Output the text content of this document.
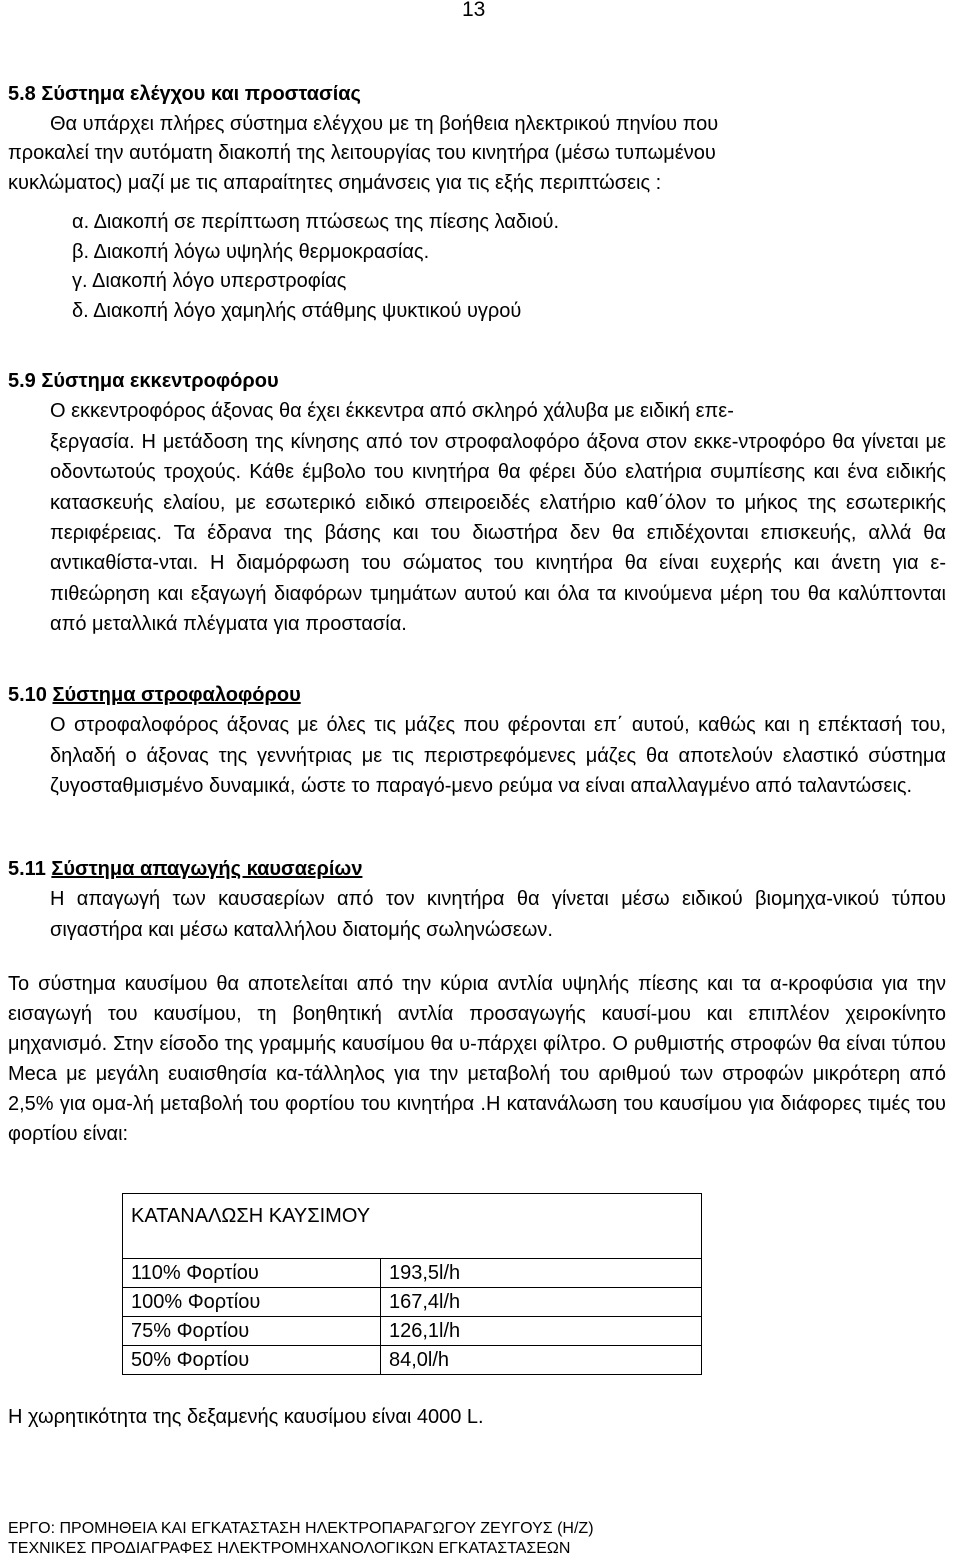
13
5.8 Σύστημα ελέγχου και προστασίας
Θα υπάρχει πλήρες σύστημα ελέγχου με τη βοήθεια ηλεκτρικού πηνίου που
προκαλεί την αυτόματη διακοπή της λειτουργίας του κινητήρα (μέσω τυπωμένου
κυκλώματος) μαζί με τις απαραίτητες σημάνσεις για τις εξής περιπτώσεις :
α. Διακοπή σε περίπτωση πτώσεως της πίεσης λαδιού.
β. Διακοπή λόγω υψηλής θερμοκρασίας.
γ. Διακοπή λόγο υπερστροφίας
δ. Διακοπή λόγο χαμηλής στάθμης ψυκτικού υγρού
5.9 Σύστημα εκκεντροφόρου
Ο εκκεντροφόρος άξονας θα έχει έκκεντρα από σκληρό χάλυβα με ειδική επε-
ξεργασία. Η μετάδοση της κίνησης από τον στροφαλοφόρο άξονα στον εκκε-ντροφόρο θα γίνεται με οδοντωτούς τροχούς. Κάθε έμβολο του κινητήρα θα φέρει δύο ελατήρια συμπίεσης και ένα ειδικής κατασκευής ελαίου, με εσωτερικό ειδικό σπειροειδές ελατήριο καθ΄όλον το μήκος της εσωτερικής περιφέρειας. Τα έδρανα της βάσης και του διωστήρα δεν θα επιδέχονται επισκευής, αλλά θα αντικαθίστα-νται. Η διαμόρφωση του σώματος του κινητήρα θα είναι ευχερής και άνετη για ε-πιθεώρηση και εξαγωγή διαφόρων τμημάτων αυτού και όλα τα κινούμενα μέρη του θα καλύπτονται από μεταλλικά πλέγματα για προστασία.
5.10 Σύστημα στροφαλοφόρου
Ο στροφαλοφόρος άξονας με όλες τις μάζες που φέρονται επ΄ αυτού, καθώς και η επέκτασή του, δηλαδή ο άξονας της γεννήτριας με τις περιστρεφόμενες μάζες θα αποτελούν ελαστικό σύστημα ζυγοσταθμισμένο δυναμικά, ώστε το παραγό-μενο ρεύμα να είναι απαλλαγμένο από ταλαντώσεις.
5.11 Σύστημα απαγωγής καυσαερίων
Η απαγωγή των καυσαερίων από τον κινητήρα θα γίνεται μέσω ειδικού βιομηχα-νικού τύπου σιγαστήρα και μέσω καταλλήλου διατομής σωληνώσεων.
Το σύστημα καυσίμου θα αποτελείται από την κύρια αντλία υψηλής πίεσης και τα α-κροφύσια για την εισαγωγή του καυσίμου, τη βοηθητική αντλία προσαγωγής καυσί-μου και επιπλέον χειροκίνητο μηχανισμό. Στην είσοδο της γραμμής καυσίμου θα υ-πάρχει φίλτρο. Ο ρυθμιστής στροφών θα είναι τύπου Μeca με μεγάλη ευαισθησία κα-τάλληλος για την μεταβολή του αριθμού των στροφών μικρότερη από 2,5% για ομα-λή μεταβολή του φορτίου του κινητήρα .Η κατανάλωση του καυσίμου για διάφορες τιμές του φορτίου είναι:
ΚΑΤΑΝΑΛΩΣΗ ΚΑΥΣΙΜΟΥ	
110% Φορτίου	193,5l/h
100% Φορτίου	167,4l/h
75% Φορτίου	126,1l/h
50% Φορτίου	84,0l/h
Η χωρητικότητα της δεξαμενής καυσίμου είναι 4000 L.
ΕΡΓΟ: ΠΡΟΜΗΘΕΙΑ ΚΑΙ ΕΓΚΑΤΑΣΤΑΣΗ ΗΛΕΚΤΡΟΠΑΡΑΓΩΓΟΥ ΖΕΥΓΟΥΣ (Η/Ζ)
ΤΕΧΝΙΚΕΣ ΠΡΟΔΙΑΓΡΑΦΕΣ ΗΛΕΚΤΡΟΜΗΧΑΝΟΛΟΓΙΚΩΝ ΕΓΚΑΤΑΣΤΑΣΕΩΝ
